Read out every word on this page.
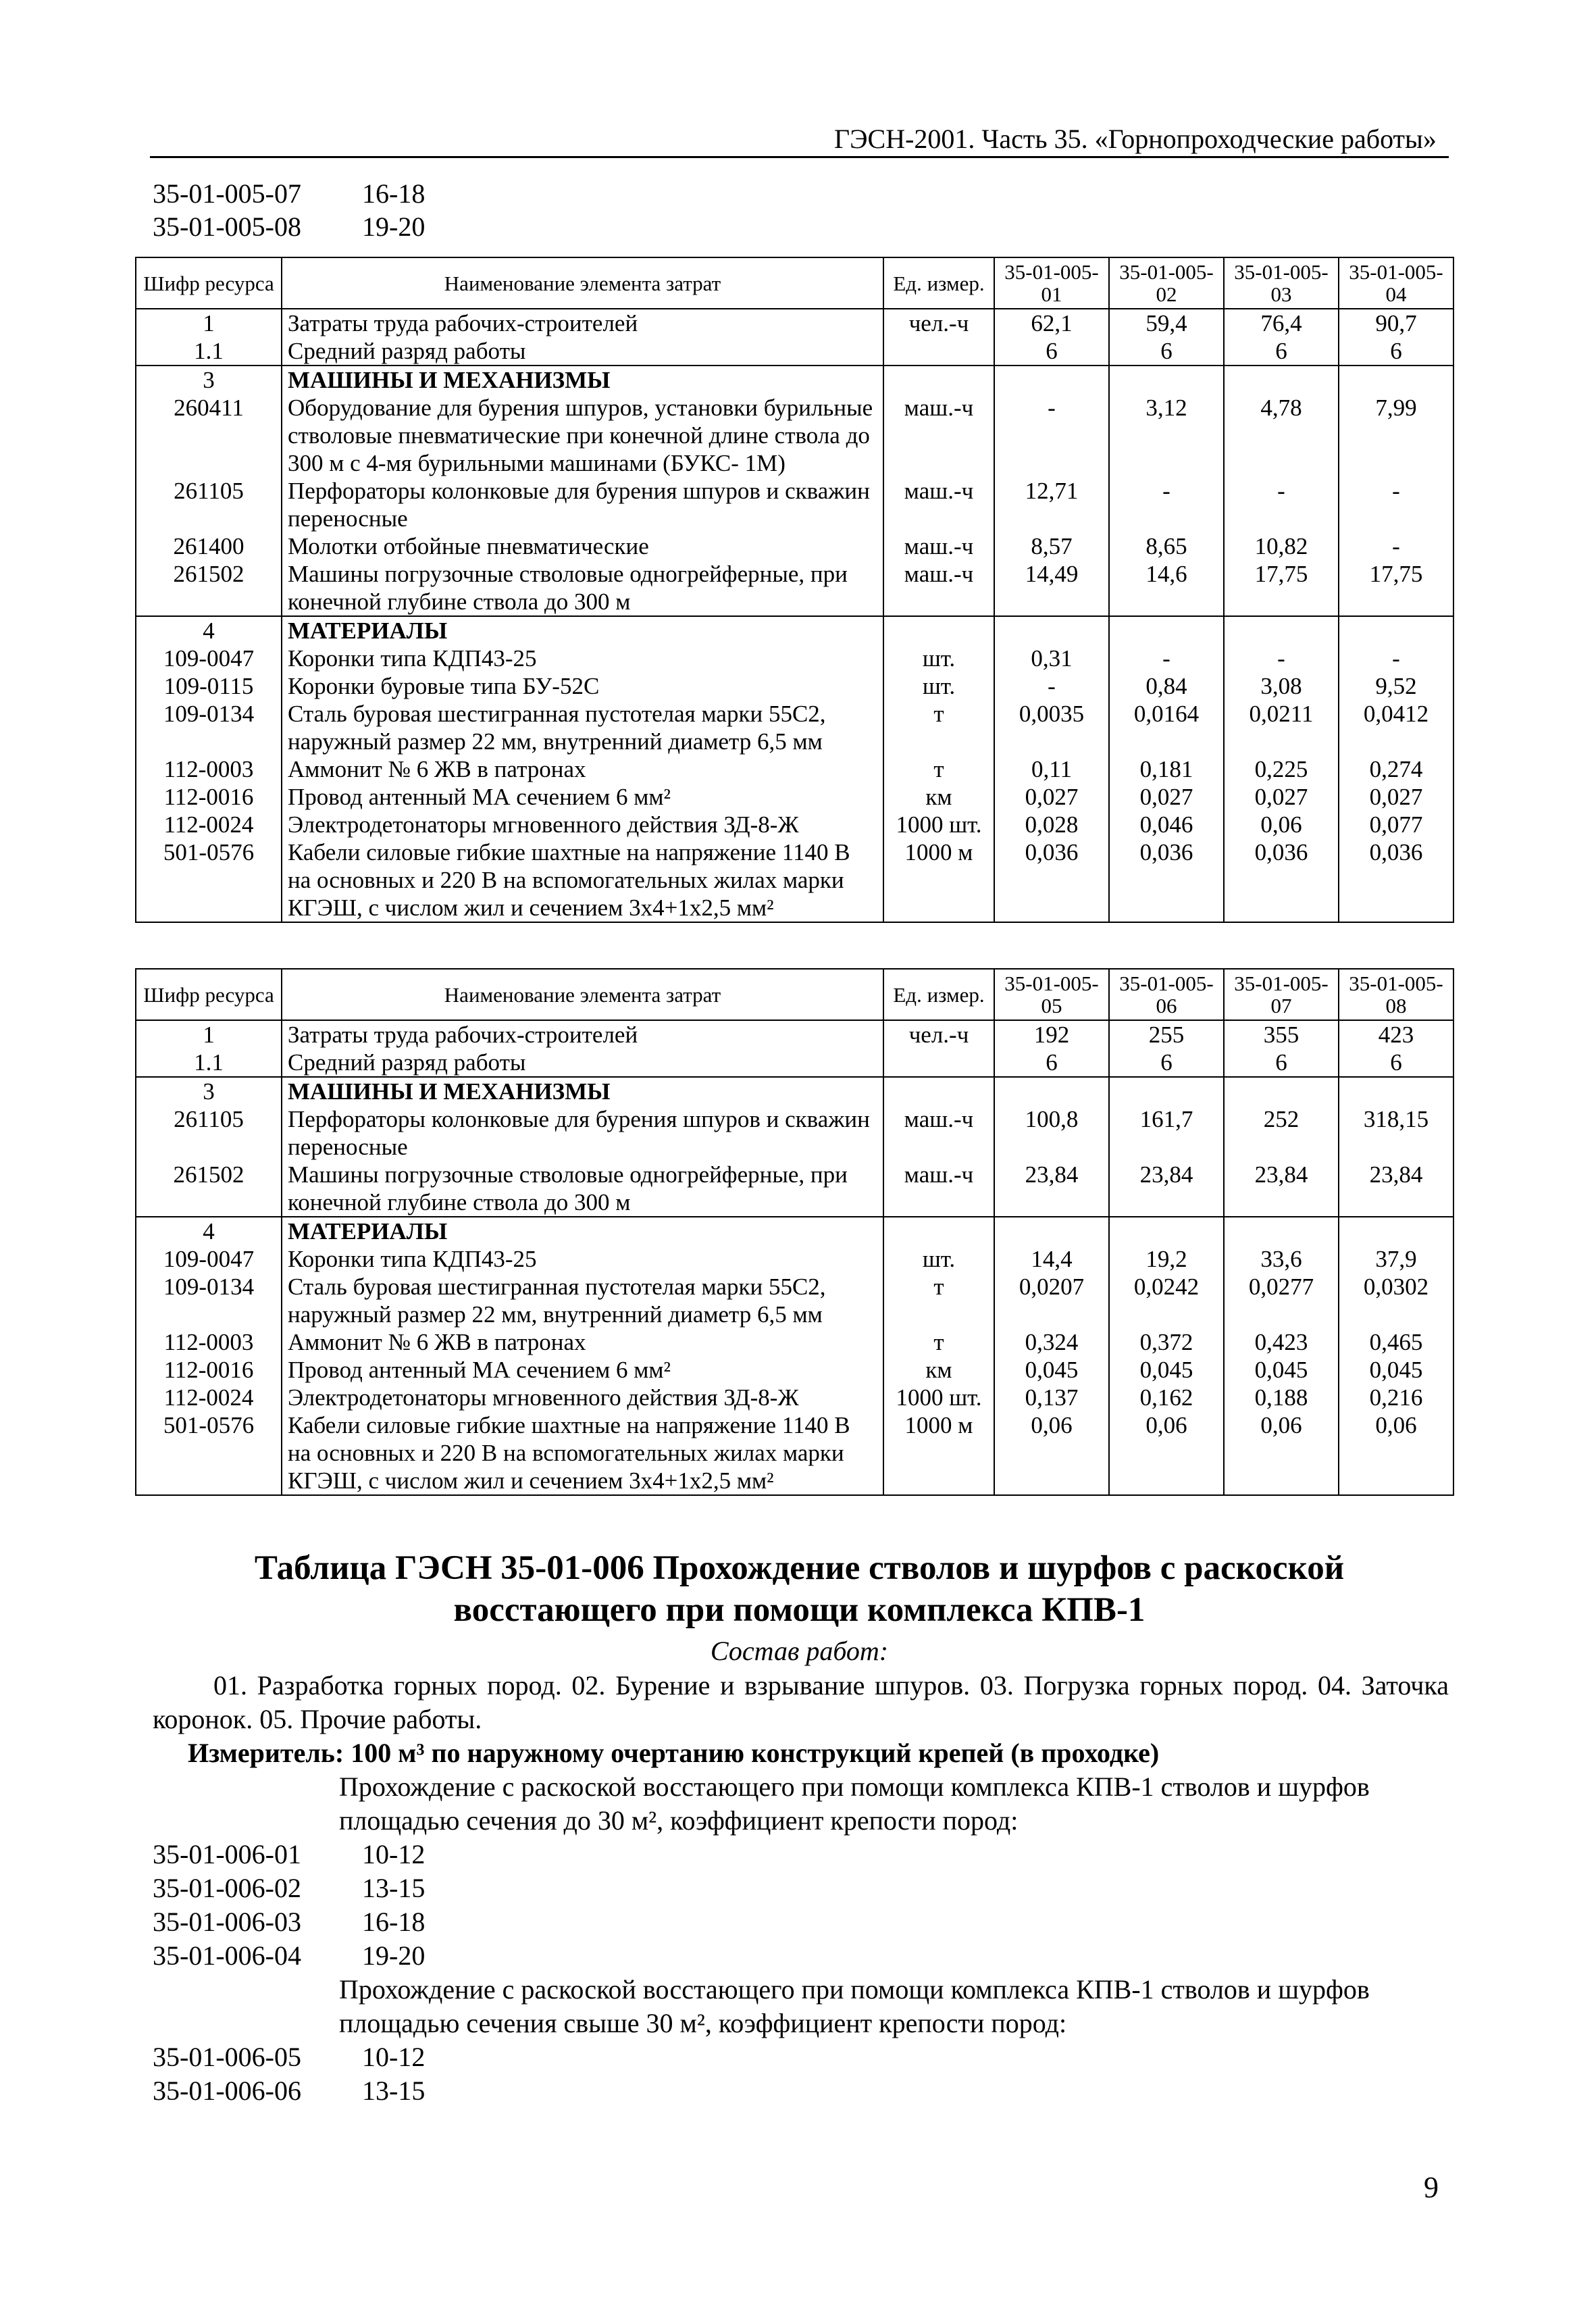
ГЭСН-2001. Часть 35. «Горнопроходческие работы»
35-01-005-07	16-18
35-01-005-08	19-20
Шифр ресурса	Наименование элемента затрат	Ед. измер.	35-01-005-01	35-01-005-02	35-01-005-03	35-01-005-04
1	Затраты труда рабочих-строителей	чел.-ч	62,1	59,4	76,4	90,7
1.1	Средний разряд работы		6	6	6	6
3	МАШИНЫ И МЕХАНИЗМЫ					
260411	Оборудование для бурения шпуров, установки бурильные стволовые пневматические при конечной длине ствола до 300 м с 4-мя бурильными машинами (БУКС- 1М)	маш.-ч	-	3,12	4,78	7,99
261105	Перфораторы колонковые для бурения шпуров и скважин переносные	маш.-ч	12,71	-	-	-
261400	Молотки отбойные пневматические	маш.-ч	8,57	8,65	10,82	-
261502	Машины погрузочные стволовые одногрейферные, при конечной глубине ствола до 300 м	маш.-ч	14,49	14,6	17,75	17,75
4	МАТЕРИАЛЫ					
109-0047	Коронки типа КДП43-25	шт.	0,31	-	-	-
109-0115	Коронки буровые типа БУ-52С	шт.	-	0,84	3,08	9,52
109-0134	Сталь буровая шестигранная пустотелая марки 55С2, наружный размер 22 мм, внутренний диаметр 6,5 мм	т	0,0035	0,0164	0,0211	0,0412
112-0003	Аммонит № 6 ЖВ в патронах	т	0,11	0,181	0,225	0,274
112-0016	Провод антенный МА сечением 6 мм²	км	0,027	0,027	0,027	0,027
112-0024	Электродетонаторы мгновенного действия ЗД-8-Ж	1000 шт.	0,028	0,046	0,06	0,077
501-0576	Кабели силовые гибкие шахтные на напряжение 1140 В на основных и 220 В на вспомогательных жилах марки КГЭШ, с числом жил и сечением 3x4+1x2,5 мм²	1000 м	0,036	0,036	0,036	0,036
Шифр ресурса	Наименование элемента затрат	Ед. измер.	35-01-005-05	35-01-005-06	35-01-005-07	35-01-005-08
1	Затраты труда рабочих-строителей	чел.-ч	192	255	355	423
1.1	Средний разряд работы		6	6	6	6
3	МАШИНЫ И МЕХАНИЗМЫ					
261105	Перфораторы колонковые для бурения шпуров и скважин переносные	маш.-ч	100,8	161,7	252	318,15
261502	Машины погрузочные стволовые одногрейферные, при конечной глубине ствола до 300 м	маш.-ч	23,84	23,84	23,84	23,84
4	МАТЕРИАЛЫ					
109-0047	Коронки типа КДП43-25	шт.	14,4	19,2	33,6	37,9
109-0134	Сталь буровая шестигранная пустотелая марки 55С2, наружный размер 22 мм, внутренний диаметр 6,5 мм	т	0,0207	0,0242	0,0277	0,0302
112-0003	Аммонит № 6 ЖВ в патронах	т	0,324	0,372	0,423	0,465
112-0016	Провод антенный МА сечением 6 мм²	км	0,045	0,045	0,045	0,045
112-0024	Электродетонаторы мгновенного действия ЗД-8-Ж	1000 шт.	0,137	0,162	0,188	0,216
501-0576	Кабели силовые гибкие шахтные на напряжение 1140 В на основных и 220 В на вспомогательных жилах марки КГЭШ, с числом жил и сечением 3x4+1x2,5 мм²	1000 м	0,06	0,06	0,06	0,06
Таблица ГЭСН 35-01-006 Прохождение стволов и шурфов с раскоской восстающего при помощи комплекса КПВ-1
Состав работ:
01. Разработка горных пород. 02. Бурение и взрывание шпуров. 03. Погрузка горных пород. 04. Заточка коронок. 05. Прочие работы.
Измеритель: 100 м³ по наружному очертанию конструкций крепей (в проходке)
Прохождение с раскоской восстающего при помощи комплекса КПВ-1 стволов и шурфов площадью сечения до 30 м², коэффициент крепости пород:
35-01-006-01	10-12
35-01-006-02	13-15
35-01-006-03	16-18
35-01-006-04	19-20
Прохождение с раскоской восстающего при помощи комплекса КПВ-1 стволов и шурфов площадью сечения свыше 30 м², коэффициент крепости пород:
35-01-006-05	10-12
35-01-006-06	13-15
9
